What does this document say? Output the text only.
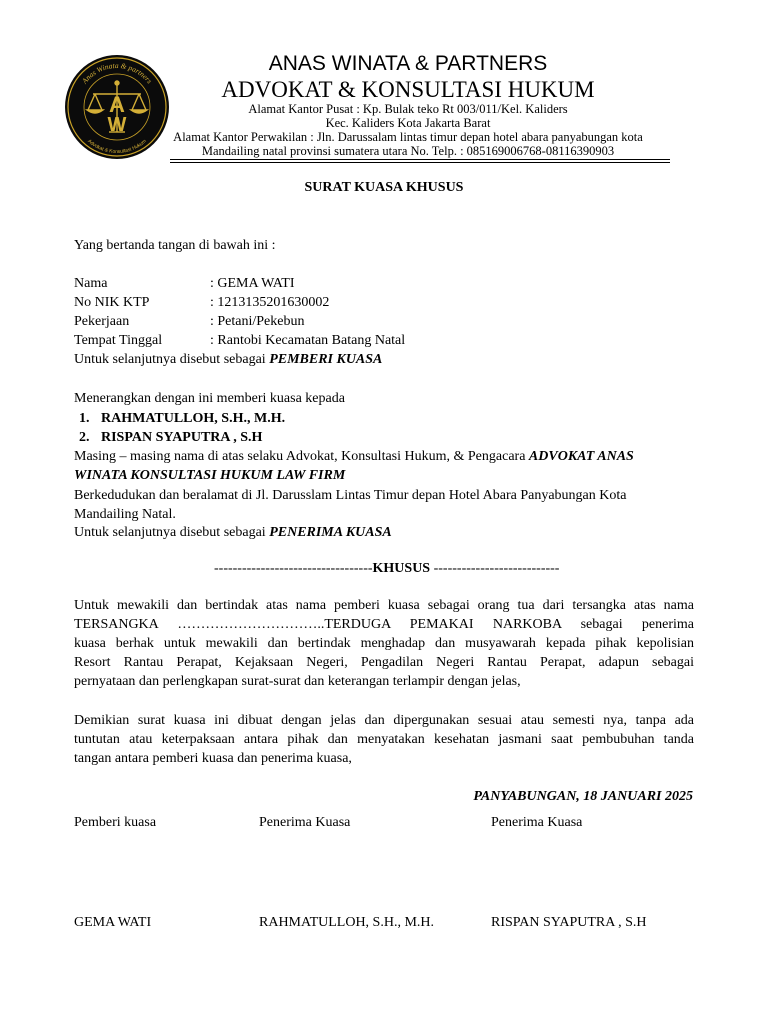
Anas Winata & partners
Advokat & Konsultasi Hukum
A
W
ANAS WINATA & PARTNERS
ADVOKAT & KONSULTASI HUKUM
Alamat Kantor Pusat : Kp. Bulak teko Rt 003/011/Kel. Kaliders
Kec. Kaliders Kota Jakarta Barat
Alamat Kantor Perwakilan : Jln. Darussalam lintas timur depan hotel abara panyabungan kota
Mandailing natal provinsi sumatera utara No. Telp. : 085169006768-08116390903
SURAT KUASA KHUSUS
Yang bertanda tangan di bawah ini :
Nama	: GEMA WATI
No NIK KTP	: 1213135201630002
Pekerjaan	: Petani/Pekebun
Tempat Tinggal	: Rantobi Kecamatan Batang Natal
Untuk selanjutnya disebut sebagai PEMBERI KUASA
Menerangkan dengan ini memberi kuasa kepada
1. RAHMATULLOH, S.H., M.H.
2. RISPAN SYAPUTRA , S.H
Masing – masing nama di atas selaku Advokat, Konsultasi Hukum, & Pengacara ADVOKAT ANAS
WINATA KONSULTASI HUKUM LAW FIRM
Berkedudukan dan beralamat di Jl. Darusslam Lintas Timur depan Hotel Abara Panyabungan Kota
Mandailing Natal.
Untuk selanjutnya disebut sebagai PENERIMA KUASA
----------------------------------KHUSUS ---------------------------
Untuk mewakili dan bertindak atas nama pemberi kuasa sebagai orang tua dari tersangka atas nama
TERSANGKA …………………………..TERDUGA PEMAKAI NARKOBA sebagai penerima
kuasa berhak untuk mewakili dan bertindak menghadap dan musyawarah kepada pihak kepolisian
Resort Rantau Perapat, Kejaksaan Negeri, Pengadilan Negeri Rantau Perapat, adapun sebagai
pernyataan dan perlengkapan surat-surat dan keterangan terlampir dengan jelas,
Demikian surat kuasa ini dibuat dengan jelas dan dipergunakan sesuai atau semesti nya, tanpa ada
tuntutan atau keterpaksaan antara pihak dan menyatakan kesehatan jasmani saat pembubuhan tanda
tangan antara pemberi kuasa dan penerima kuasa,
PANYABUNGAN, 18 JANUARI 2025
Pemberi kuasa	Penerima Kuasa	Penerima Kuasa
GEMA WATI	RAHMATULLOH, S.H., M.H.	RISPAN SYAPUTRA , S.H
